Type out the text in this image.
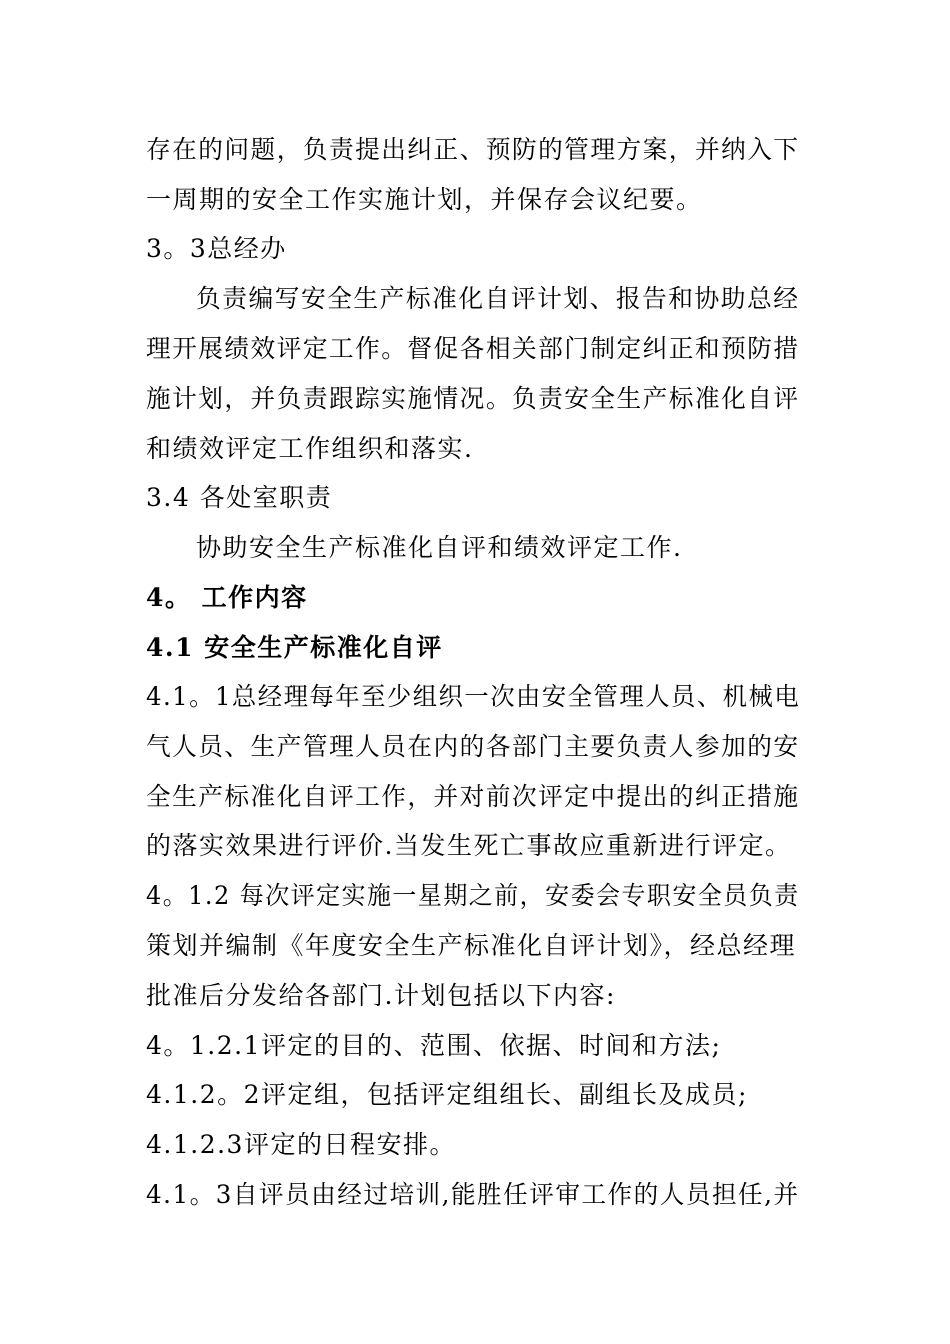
存在的问题，负责提出纠正、预防的管理方案，并纳入下
一周期的安全工作实施计划，并保存会议纪要。
3。3总经办
负责编写安全生产标准化自评计划、报告和协助总经
理开展绩效评定工作。督促各相关部门制定纠正和预防措
施计划，并负责跟踪实施情况。负责安全生产标准化自评
和绩效评定工作组织和落实.
3.4 各处室职责
协助安全生产标准化自评和绩效评定工作.
4。 工作内容
4.1 安全生产标准化自评
4.1。1总经理每年至少组织一次由安全管理人员、机械电
气人员、生产管理人员在内的各部门主要负责人参加的安
全生产标准化自评工作，并对前次评定中提出的纠正措施
的落实效果进行评价.当发生死亡事故应重新进行评定。
4。1.2 每次评定实施一星期之前，安委会专职安全员负责
策划并编制《年度安全生产标准化自评计划》，经总经理
批准后分发给各部门.计划包括以下内容:
4。1.2.1评定的目的、范围、依据、时间和方法;
4.1.2。2评定组，包括评定组组长、副组长及成员;
4.1.2.3评定的日程安排。
4.1。3自评员由经过培训,能胜任评审工作的人员担任,并
